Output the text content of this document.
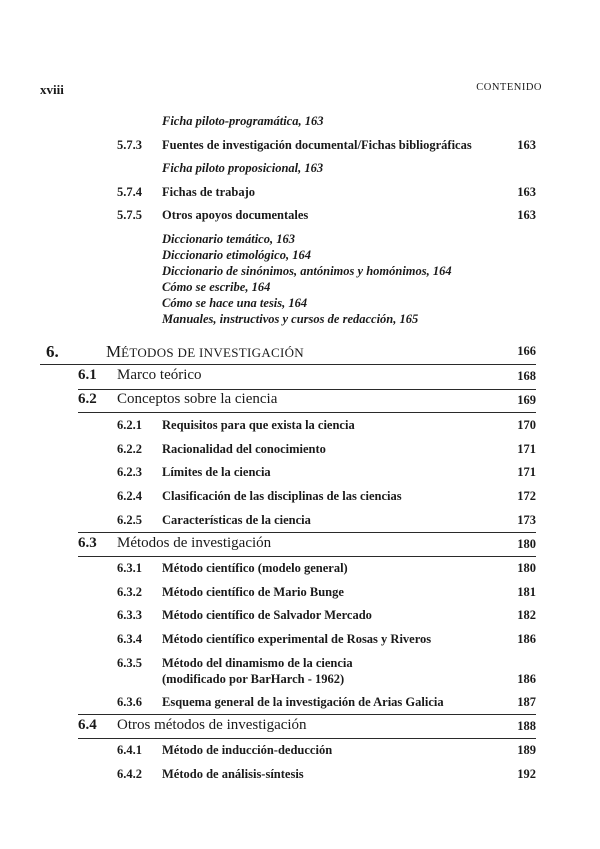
xviii	CONTENIDO
Ficha piloto-programática, 163
5.7.3 Fuentes de investigación documental/Fichas bibliográficas	163
Ficha piloto proposicional, 163
5.7.4 Fichas de trabajo	163
5.7.5 Otros apoyos documentales	163
Diccionario temático, 163
Diccionario etimológico, 164
Diccionario de sinónimos, antónimos y homónimos, 164
Cómo se escribe, 164
Cómo se hace una tesis, 164
Manuales, instructivos y cursos de redacción, 165
6.	MÉTODOS DE INVESTIGACIÓN	166
6.1 Marco teórico	168
6.2 Conceptos sobre la ciencia	169
6.2.1 Requisitos para que exista la ciencia	170
6.2.2 Racionalidad del conocimiento	171
6.2.3 Límites de la ciencia	171
6.2.4 Clasificación de las disciplinas de las ciencias	172
6.2.5 Características de la ciencia	173
6.3 Métodos de investigación	180
6.3.1 Método científico (modelo general)	180
6.3.2 Método científico de Mario Bunge	181
6.3.3 Método científico de Salvador Mercado	182
6.3.4 Método científico experimental de Rosas y Riveros	186
6.3.5 Método del dinamismo de la ciencia
(modificado por BarHarch - 1962)	186
6.3.6 Esquema general de la investigación de Arias Galicia	187
6.4 Otros métodos de investigación	188
6.4.1 Método de inducción-deducción	189
6.4.2 Método de análisis-síntesis	192
